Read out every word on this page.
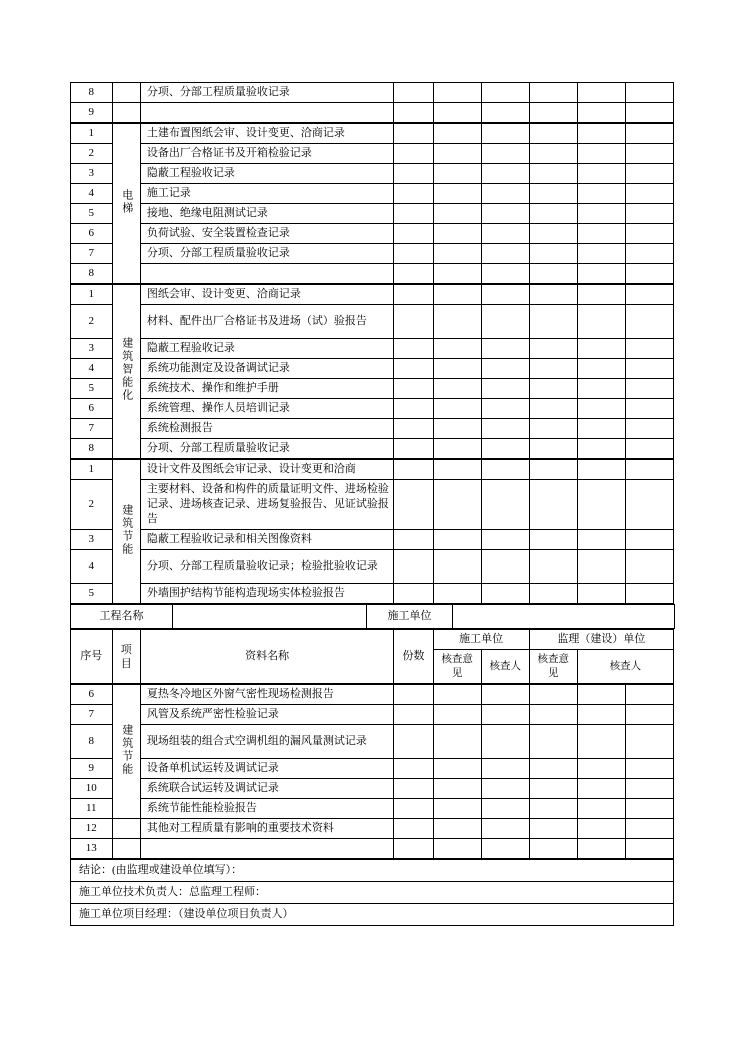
8		分项、分部工程质量验收记录						
9								
1	电梯	土建布置图纸会审、设计变更、洽商记录						
2		设备出厂合格证书及开箱检验记录						
3		隐蔽工程验收记录						
4		施工记录						
5		接地、绝缘电阻测试记录						
6		负荷试验、安全装置检查记录						
7		分项、分部工程质量验收记录						
8								
1	建筑智能化	图纸会审、设计变更、洽商记录						
2		材料、配件出厂合格证书及进场（试）验报告						
3		隐蔽工程验收记录						
4		系统功能测定及设备调试记录						
5		系统技术、操作和维护手册						
6		系统管理、操作人员培训记录						
7		系统检测报告						
8		分项、分部工程质量验收记录						
1	建筑节能	设计文件及图纸会审记录、设计变更和洽商						
2		主要材料、设备和构件的质量证明文件、进场检验记录、进场核查记录、进场复验报告、见证试验报告						
3		隐蔽工程验收记录和相关图像资料						
4		分项、分部工程质量验收记录；检验批验收记录						
5		外墙围护结构节能构造现场实体检验报告						
工程名称		施工单位	
序号	项目	资料名称	份数	施工单位		监理（建设）单位	
				核查意见	核查人	核查意见	核查人
6	建筑节能	夏热冬冷地区外窗气密性现场检测报告						
7		风管及系统严密性检验记录						
8		现场组装的组合式空调机组的漏风量测试记录						
9		设备单机试运转及调试记录						
10		系统联合试运转及调试记录						
11		系统节能性能检验报告						
12		其他对工程质量有影响的重要技术资料						
13								
结论：(由监理或建设单位填写）：
施工单位技术负责人：总监理工程师：
施工单位项目经理：（建设单位项目负责人）
